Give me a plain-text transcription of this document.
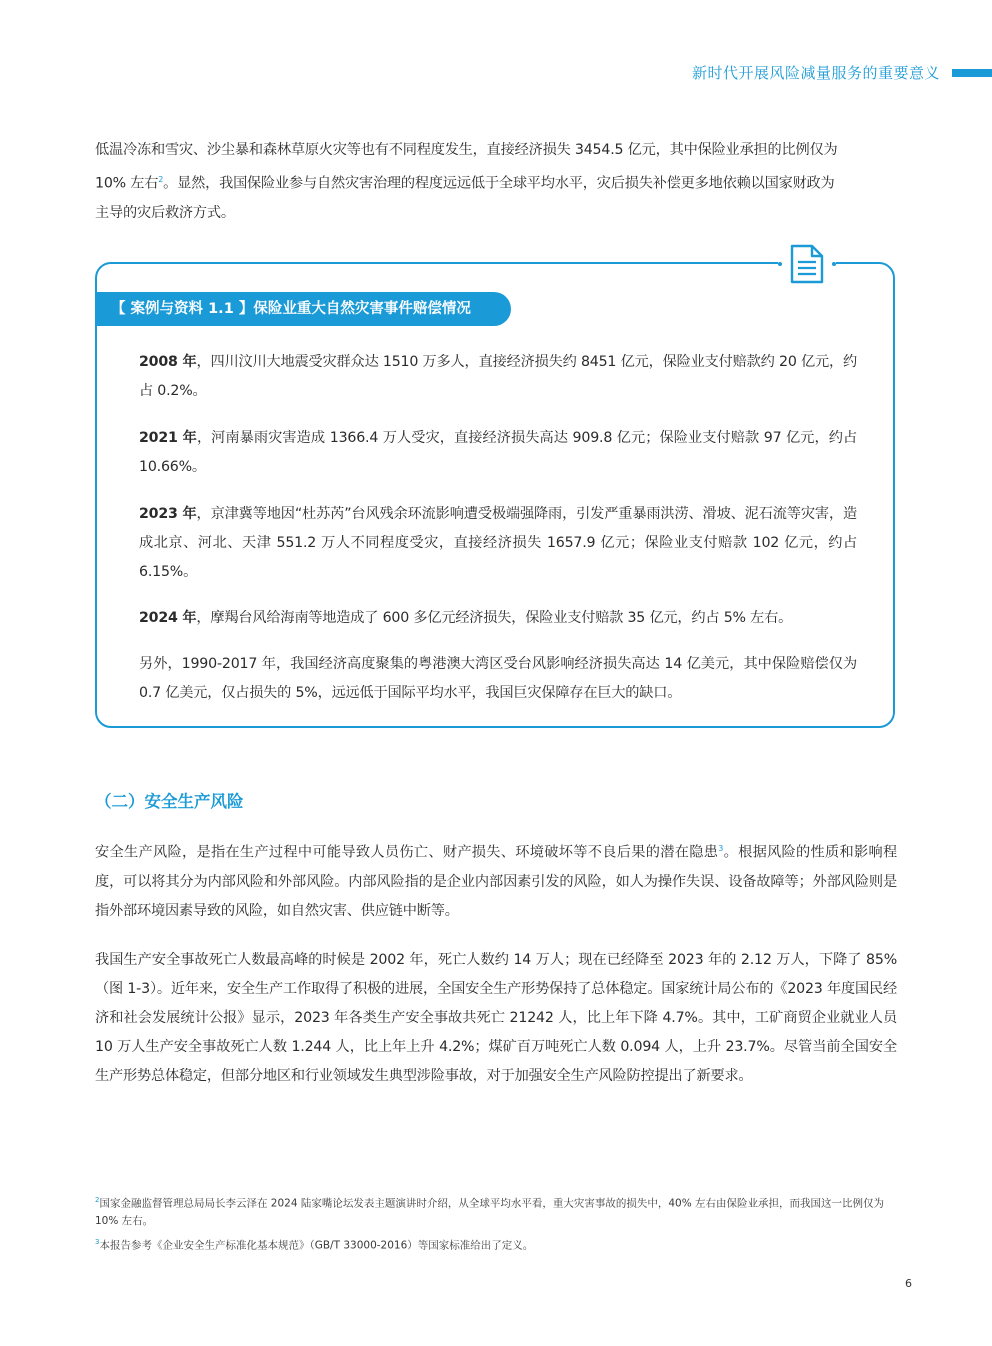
新时代开展风险减量服务的重要意义

低温冷冻和雪灾、沙尘暴和森林草原火灾等也有不同程度发生，直接经济损失 3454.5 亿元，其中保险业承担的比例仅为
10% 左右$^2$。显然，我国保险业参与自然灾害治理的程度远远低于全球平均水平，灾后损失补偿更多地依赖以国家财政为
主导的灾后救济方式。

【 案例与资料 1.1 】保险业重大自然灾害事件赔偿情况

2008 年，四川汶川大地震受灾群众达 1510 万多人，直接经济损失约 8451 亿元，保险业支付赔款约 20 亿元，约占 0.2%。

2021 年，河南暴雨灾害造成 1366.4 万人受灾，直接经济损失高达 909.8 亿元；保险业支付赔款 97 亿元，约占 10.66%。

2023 年，京津冀等地因“杜苏芮”台风残余环流影响遭受极端强降雨，引发严重暴雨洪涝、滑坡、泥石流等灾害，造成北京、河北、天津 551.2 万人不同程度受灾，直接经济损失 1657.9 亿元；保险业支付赔款 102 亿元，约占 6.15%。

2024 年，摩羯台风给海南等地造成了 600 多亿元经济损失，保险业支付赔款 35 亿元，约占 5% 左右。

另外，1990-2017 年，我国经济高度聚集的粤港澳大湾区受台风影响经济损失高达 14 亿美元，其中保险赔偿仅为 0.7 亿美元，仅占损失的 5%，远远低于国际平均水平，我国巨灾保障存在巨大的缺口。

（二）安全生产风险

安全生产风险，是指在生产过程中可能导致人员伤亡、财产损失、环境破坏等不良后果的潜在隐患$^3$。根据风险的性质和影响程度，可以将其分为内部风险和外部风险。内部风险指的是企业内部因素引发的风险，如人为操作失误、设备故障等；外部风险则是指外部环境因素导致的风险，如自然灾害、供应链中断等。

我国生产安全事故死亡人数最高峰的时候是 2002 年，死亡人数约 14 万人；现在已经降至 2023 年的 2.12 万人，下降了 85%（图 1-3）。近年来，安全生产工作取得了积极的进展，全国安全生产形势保持了总体稳定。国家统计局公布的《2023 年度国民经济和社会发展统计公报》显示，2023 年各类生产安全事故共死亡 21242 人，比上年下降 4.7%。其中，工矿商贸企业就业人员 10 万人生产安全事故死亡人数 1.244 人，比上年上升 4.2%；煤矿百万吨死亡人数 0.094 人，上升 23.7%。尽管当前全国安全生产形势总体稳定，但部分地区和行业领域发生典型涉险事故，对于加强安全生产风险防控提出了新要求。

$^2$国家金融监督管理总局局长李云泽在 2024 陆家嘴论坛发表主题演讲时介绍，从全球平均水平看，重大灾害事故的损失中，40% 左右由保险业承担，而我国这一比例仅为 10% 左右。

$^3$本报告参考《企业安全生产标准化基本规范》（GB/T 33000-2016）等国家标准给出了定义。

6
